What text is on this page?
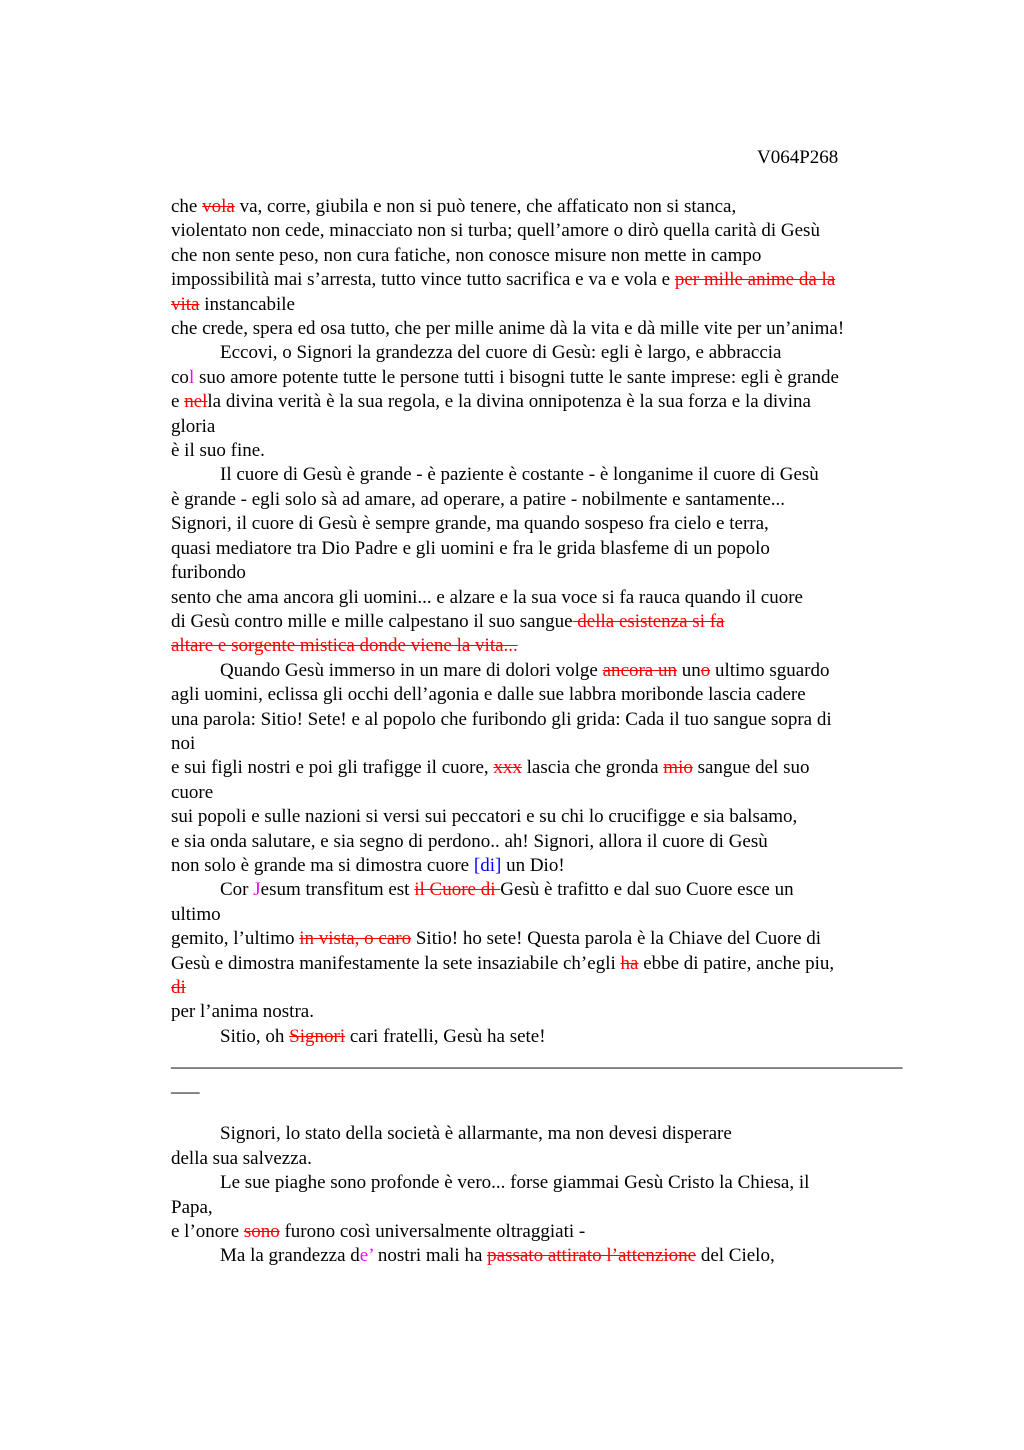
V064P268
che vola va, corre, giubila e non si può tenere, che affaticato non si stanca,
violentato non cede, minacciato non si turba; quell’amore o dirò quella carità di Gesù
che non sente peso, non cura fatiche, non conosce misure non mette in campo
impossibilità mai s’arresta, tutto vince tutto sacrifica e va e vola e per mille anime da la
vita instancabile
che crede, spera ed osa tutto, che per mille anime dà la vita e dà mille vite per un’anima!
Eccovi, o Signori la grandezza del cuore di Gesù: egli è largo, e abbraccia
col suo amore potente tutte le persone tutti i bisogni tutte le sante imprese: egli è grande
e nella divina verità è la sua regola, e la divina onnipotenza è la sua forza e la divina
gloria
è il suo fine.
Il cuore di Gesù è grande - è paziente è costante - è longanime il cuore di Gesù
è grande - egli solo sà ad amare, ad operare, a patire - nobilmente e santamente...
Signori, il cuore di Gesù è sempre grande, ma quando sospeso fra cielo e terra,
quasi mediatore tra Dio Padre e gli uomini e fra le grida blasfeme di un popolo
furibondo
sento che ama ancora gli uomini... e alzare e la sua voce si fa rauca quando il cuore
di Gesù contro mille e mille calpestano il suo sangue della esistenza si fa
altare e sorgente mistica donde viene la vita...
Quando Gesù immerso in un mare di dolori volge ancora un uno ultimo sguardo
agli uomini, eclissa gli occhi dell’agonia e dalle sue labbra moribonde lascia cadere
una parola: Sitio! Sete! e al popolo che furibondo gli grida: Cada il tuo sangue sopra di
noi
e sui figli nostri e poi gli trafigge il cuore, xxx lascia che gronda mio sangue del suo
cuore
sui popoli e sulle nazioni si versi sui peccatori e su chi lo crucifigge e sia balsamo,
e sia onda salutare, e sia segno di perdono.. ah! Signori, allora il cuore di Gesù
non solo è grande ma si dimostra cuore [di] un Dio!
Cor Jesum transfitum est il Cuore di Gesù è trafitto e dal suo Cuore esce un
ultimo
gemito, l’ultimo in vista, o caro Sitio! ho sete! Questa parola è la Chiave del Cuore di
Gesù e dimostra manifestamente la sete insaziabile ch’egli ha ebbe di patire, anche piu,
di
per l’anima nostra.
Sitio, oh Signori cari fratelli, Gesù ha sete!
_____________________________________________________________________________
___
Signori, lo stato della società è allarmante, ma non devesi disperare
della sua salvezza.
Le sue piaghe sono profonde è vero... forse giammai Gesù Cristo la Chiesa, il
Papa,
e l’onore sono furono così universalmente oltraggiati -
Ma la grandezza de’ nostri mali ha passato attirato l’attenzione del Cielo,
